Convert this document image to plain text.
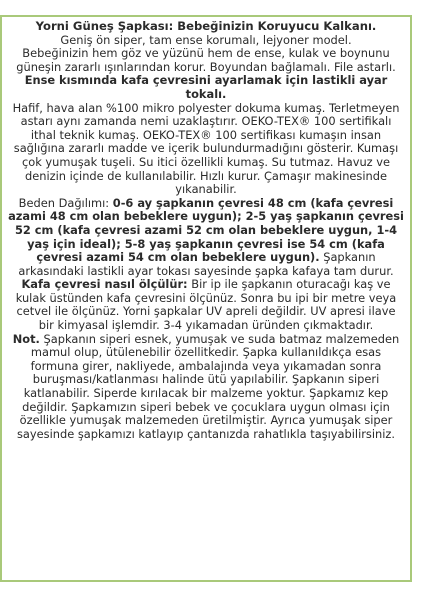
Yorni Güneş Şapkası: Bebeğinizin Koruyucu Kalkanı.
Geniş ön siper, tam ense korumalı, lejyoner model.
Bebeğinizin hem göz ve yüzünü hem de ense, kulak ve boynunu güneşin zararlı ışınlarından korur. Boyundan bağlamalı. File astarlı. Ense kısmında kafa çevresini ayarlamak için lastikli ayar tokalı.
Hafif, hava alan %100 mikro polyester dokuma kumaş. Terletmeyen astarı aynı zamanda nemi uzaklaştırır. OEKO-TEX® 100 sertifikalı ithal teknik kumaş. OEKO-TEX® 100 sertifikası kumaşın insan sağlığına zararlı madde ve içerik bulundurmadığını gösterir. Kumaşı çok yumuşak tuşeli. Su itici özellikli kumaş. Su tutmaz. Havuz ve denizin içinde de kullanılabilir. Hızlı kurur. Çamaşır makinesinde yıkanabilir.
Beden Dağılımı: 0-6 ay şapkanın çevresi 48 cm (kafa çevresi azami 48 cm olan bebeklere uygun); 2-5 yaş şapkanın çevresi 52 cm (kafa çevresi azami 52 cm olan bebeklere uygun, 1-4 yaş için ideal); 5-8 yaş şapkanın çevresi ise 54 cm (kafa çevresi azami 54 cm olan bebeklere uygun). Şapkanın arkasındaki lastikli ayar tokası sayesinde şapka kafaya tam durur.
Kafa çevresi nasıl ölçülür: Bir ip ile şapkanın oturacağı kaş ve kulak üstünden kafa çevresini ölçünüz. Sonra bu ipi bir metre veya cetvel ile ölçünüz. Yorni şapkalar UV apreli değildir. UV apresi ilave bir kimyasal işlemdir. 3-4 yıkamadan üründen çıkmaktadır.
Not. Şapkanın siperi esnek, yumuşak ve suda batmaz malzemeden mamul olup, ütülenebilir özellitkedir. Şapka kullanıldıkça esas formuna girer, nakliyede, ambalajında veya yıkamadan sonra buruşması/katlanması halinde ütü yapılabilir. Şapkanın siperi katlanabilir. Siperde kırılacak bir malzeme yoktur. Şapkamız kep değildir. Şapkamızın siperi bebek ve çocuklara uygun olması için özellikle yumuşak malzemeden üretilmiştir. Ayrıca yumuşak siper sayesinde şapkamızı katlayıp çantanızda rahatlıkla taşıyabilirsiniz.
